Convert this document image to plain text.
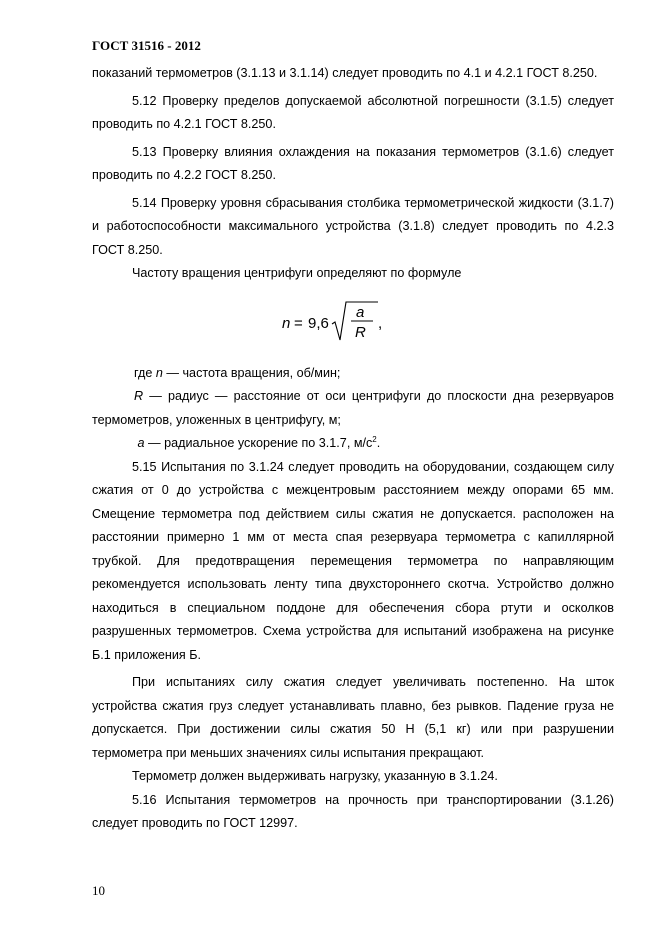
ГОСТ 31516 - 2012

показаний термометров (3.1.13 и 3.1.14) следует проводить по 4.1 и 4.2.1 ГОСТ 8.250.

5.12 Проверку пределов допускаемой абсолютной погрешности (3.1.5) следует проводить по 4.2.1 ГОСТ 8.250.

5.13 Проверку влияния охлаждения на показания термометров (3.1.6) следует проводить по 4.2.2 ГОСТ 8.250.

5.14 Проверку уровня сбрасывания столбика термометрической жидкости (3.1.7) и работоспособности максимального устройства (3.1.8) следует проводить по 4.2.3 ГОСТ 8.250.

Частоту вращения центрифуги определяют по формуле

n = 9,6
a
R
,

где n — частота вращения, об/мин;

R — радиус — расстояние от оси центрифуги до плоскости дна резервуаров термометров, уложенных в центрифугу, м;

a — радиальное ускорение по 3.1.7, $м/с^2$.

5.15 Испытания по 3.1.24 следует проводить на оборудовании, создающем силу сжатия от 0 до устройства с межцентровым расстоянием между опорами 65 мм. Смещение термометра под действием силы сжатия не допускается. расположен на расстоянии примерно 1 мм от места спая резервуара термометра с капиллярной трубкой. Для предотвращения перемещения термометра по направляющим рекомендуется использовать ленту типа двухстороннего скотча. Устройство должно находиться в специальном поддоне для обеспечения сбора ртути и осколков разрушенных термометров. Схема устройства для испытаний изображена на рисунке Б.1 приложения Б.

При испытаниях силу сжатия следует увеличивать постепенно. На шток устройства сжатия груз следует устанавливать плавно, без рывков. Падение груза не допускается. При достижении силы сжатия 50 Н (5,1 кг) или при разрушении термометра при меньших значениях силы испытания прекращают.

Термометр должен выдерживать нагрузку, указанную в 3.1.24.

5.16 Испытания термометров на прочность при транспортировании (3.1.26) следует проводить по ГОСТ 12997.

10
